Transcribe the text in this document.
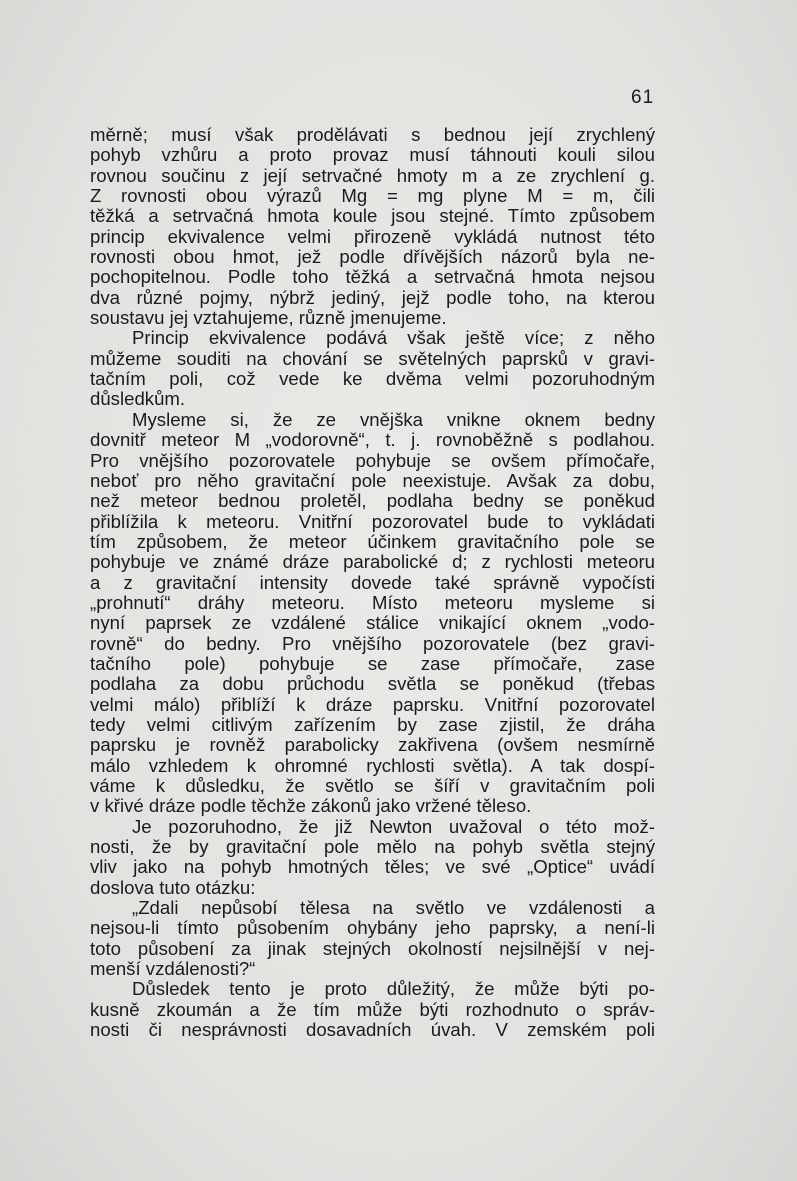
61

měrně; musí však prodělávati s bednou její zrychlený
pohyb vzhůru a proto provaz musí táhnouti kouli silou
rovnou součinu z její setrvačné hmoty m a ze zrychlení g.
Z rovnosti obou výrazů Mg = mg plyne M = m, čili
těžká a setrvačná hmota koule jsou stejné. Tímto způsobem
princip ekvivalence velmi přirozeně vykládá nutnost této
rovnosti obou hmot, jež podle dřívějších názorů byla ne-
pochopitelnou. Podle toho těžká a setrvačná hmota nejsou
dva různé pojmy, nýbrž jediný, jejž podle toho, na kterou
soustavu jej vztahujeme, různě jmenujeme.

Princip ekvivalence podává však ještě více; z něho
můžeme souditi na chování se světelných paprsků v gravi-
tačním poli, což vede ke dvěma velmi pozoruhodným
důsledkům.

Mysleme si, že ze vnějška vnikne oknem bedny
dovnitř meteor M „vodorovně“, t. j. rovnoběžně s podlahou.
Pro vnějšího pozorovatele pohybuje se ovšem přímočaře,
neboť pro něho gravitační pole neexistuje. Avšak za dobu,
než meteor bednou proletěl, podlaha bedny se poněkud
přiblížila k meteoru. Vnitřní pozorovatel bude to vykládati
tím způsobem, že meteor účinkem gravitačního pole se
pohybuje ve známé dráze parabolické d; z rychlosti meteoru
a z gravitační intensity dovede také správně vypočísti
„prohnutí“ dráhy meteoru. Místo meteoru mysleme si
nyní paprsek ze vzdálené stálice vnikající oknem „vodo-
rovně“ do bedny. Pro vnějšího pozorovatele (bez gravi-
tačního pole) pohybuje se zase přímočaře, zase
podlaha za dobu průchodu světla se poněkud (třebas
velmi málo) přiblíží k dráze paprsku. Vnitřní pozorovatel
tedy velmi citlivým zařízením by zase zjistil, že dráha
paprsku je rovněž parabolicky zakřivena (ovšem nesmírně
málo vzhledem k ohromné rychlosti světla). A tak dospí-
váme k důsledku, že světlo se šíří v gravitačním poli
v křivé dráze podle těchže zákonů jako vržené těleso.

Je pozoruhodno, že již Newton uvažoval o této mož-
nosti, že by gravitační pole mělo na pohyb světla stejný
vliv jako na pohyb hmotných těles; ve své „Optice“ uvádí
doslova tuto otázku:

„Zdali nepůsobí tělesa na světlo ve vzdálenosti a
nejsou-li tímto působením ohybány jeho paprsky, a není-li
toto působení za jinak stejných okolností nejsilnější v nej-
menší vzdálenosti?“

Důsledek tento je proto důležitý, že může býti po-
kusně zkoumán a že tím může býti rozhodnuto o správ-
nosti či nesprávnosti dosavadních úvah. V zemském poli
